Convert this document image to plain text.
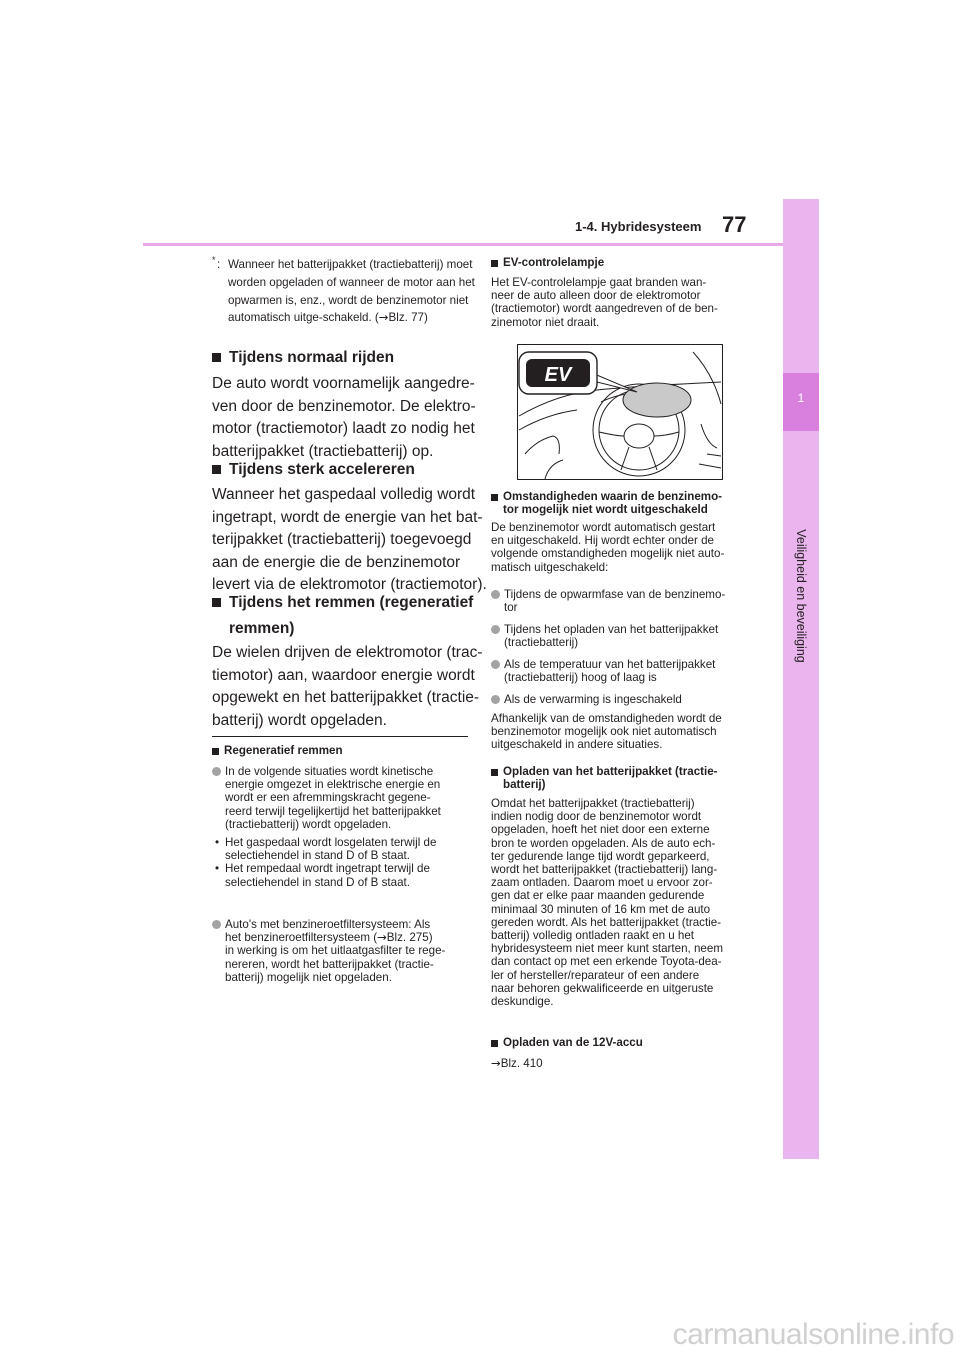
1-4. Hybridesysteem 77
1
Veiligheid en beveiliging
* : Wanneer het batterijpakket (tractiebatterij) moet worden opgeladen of wanneer de motor aan het opwarmen is, enz., wordt de benzinemotor niet automatisch uitge-schakeld. (→Blz. 77)
Tijdens normaal rijden
De auto wordt voornamelijk aangedre-
ven door de benzinemotor. De elektro-
motor (tractiemotor) laadt zo nodig het
batterijpakket (tractiebatterij) op.
Tijdens sterk accelereren
Wanneer het gaspedaal volledig wordt
ingetrapt, wordt de energie van het bat-
terijpakket (tractiebatterij) toegevoegd
aan de energie die de benzinemotor
levert via de elektromotor (tractiemotor).
Tijdens het remmen (regeneratief
remmen)
De wielen drijven de elektromotor (trac-
tiemotor) aan, waardoor energie wordt
opgewekt en het batterijpakket (tractie-
batterij) wordt opgeladen.
Regeneratief remmen
In de volgende situaties wordt kinetische
energie omgezet in elektrische energie en
wordt er een afremmingskracht gegene-
reerd terwijl tegelijkertijd het batterijpakket
(tractiebatterij) wordt opgeladen.
• Het gaspedaal wordt losgelaten terwijl de
selectiehendel in stand D of B staat.
• Het rempedaal wordt ingetrapt terwijl de
selectiehendel in stand D of B staat.
Auto's met benzineroetfiltersysteem: Als
het benzineroetfiltersysteem (→Blz. 275)
in werking is om het uitlaatgasfilter te rege-
nereren, wordt het batterijpakket (tractie-
batterij) mogelijk niet opgeladen.
EV-controlelampje
Het EV-controlelampje gaat branden wan-
neer de auto alleen door de elektromotor
(tractiemotor) wordt aangedreven of de ben-
zinemotor niet draait.
EV
Omstandigheden waarin de benzinemo-
tor mogelijk niet wordt uitgeschakeld
De benzinemotor wordt automatisch gestart
en uitgeschakeld. Hij wordt echter onder de
volgende omstandigheden mogelijk niet auto-
matisch uitgeschakeld:
Tijdens de opwarmfase van de benzinemo-
tor
Tijdens het opladen van het batterijpakket
(tractiebatterij)
Als de temperatuur van het batterijpakket
(tractiebatterij) hoog of laag is
Als de verwarming is ingeschakeld
Afhankelijk van de omstandigheden wordt de
benzinemotor mogelijk ook niet automatisch
uitgeschakeld in andere situaties.
Opladen van het batterijpakket (tractie-
batterij)
Omdat het batterijpakket (tractiebatterij)
indien nodig door de benzinemotor wordt
opgeladen, hoeft het niet door een externe
bron te worden opgeladen. Als de auto ech-
ter gedurende lange tijd wordt geparkeerd,
wordt het batterijpakket (tractiebatterij) lang-
zaam ontladen. Daarom moet u ervoor zor-
gen dat er elke paar maanden gedurende
minimaal 30 minuten of 16 km met de auto
gereden wordt. Als het batterijpakket (tractie-
batterij) volledig ontladen raakt en u het
hybridesysteem niet meer kunt starten, neem
dan contact op met een erkende Toyota-dea-
ler of hersteller/reparateur of een andere
naar behoren gekwalificeerde en uitgeruste
deskundige.
Opladen van de 12V-accu
→Blz. 410
carmanualsonline.info
